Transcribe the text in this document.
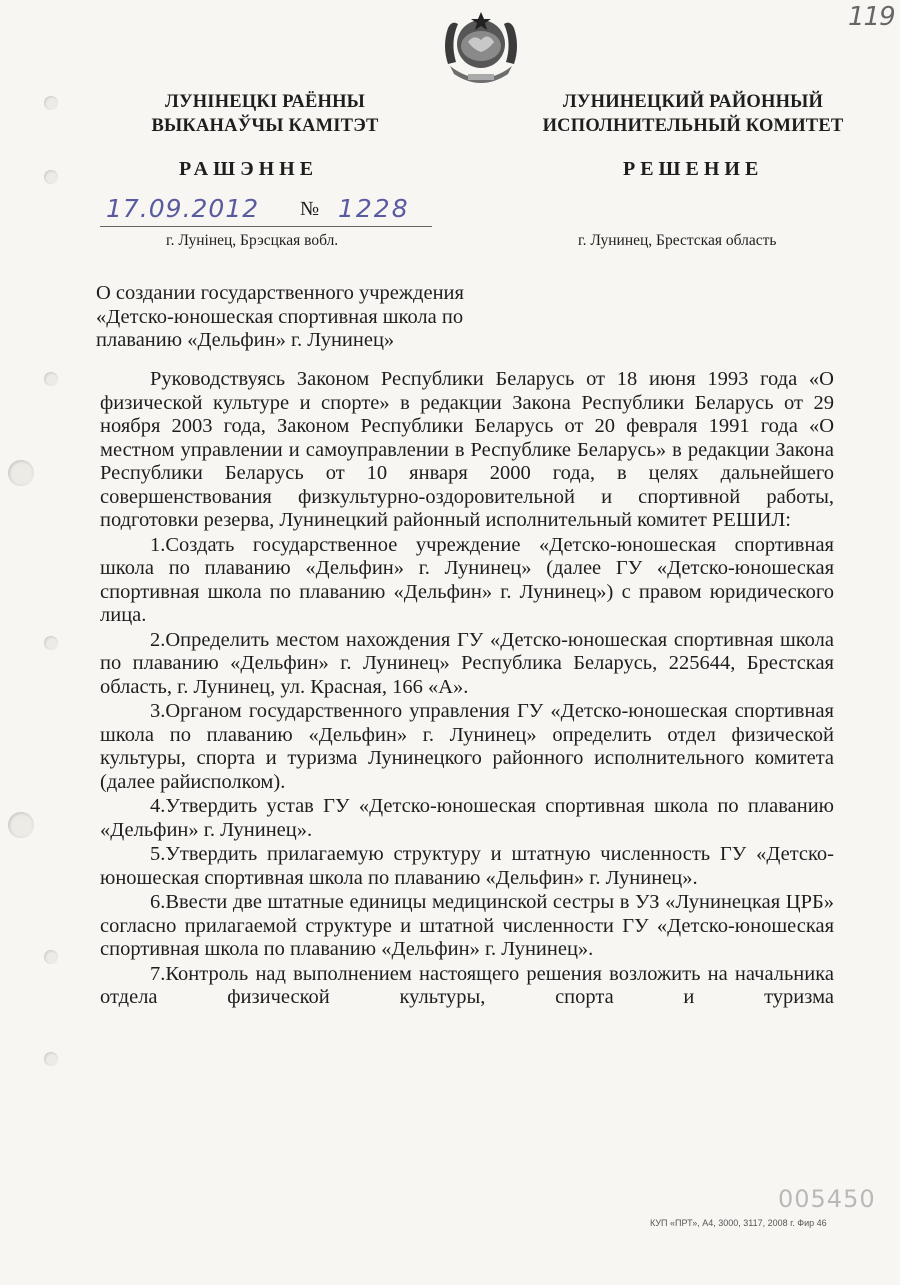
119
ЛУНІНЕЦКІ РАЁННЫ
ВЫКАНАЎЧЫ КАМІТЭТ
ЛУНИНЕЦКИЙ РАЙОННЫЙ
ИСПОЛНИТЕЛЬНЫЙ КОМИТЕТ
РАШЭННЕ	РЕШЕНИЕ
17.09.2012 № 1228
г. Лунінец, Брэсцкая вобл.	г. Лунинец, Брестская область
О создании государственного учреждения
«Детско-юношеская спортивная школа по
плаванию «Дельфин» г. Лунинец»

Руководствуясь Законом Республики Беларусь от 18 июня 1993 года «О физической культуре и спорте» в редакции Закона Республики Беларусь от 29 ноября 2003 года, Законом Республики Беларусь от 20 февраля 1991 года «О местном управлении и самоуправлении в Республике Беларусь» в редакции Закона Республики Беларусь от 10 января 2000 года, в целях дальнейшего совершенствования физкультурно-оздоровительной и спортивной работы, подготовки резерва, Лунинецкий районный исполнительный комитет РЕШИЛ:

1.Создать государственное учреждение «Детско-юношеская спортивная школа по плаванию «Дельфин» г. Лунинец» (далее ГУ «Детско-юношеская спортивная школа по плаванию «Дельфин» г. Лунинец») с правом юридического лица.

2.Определить местом нахождения ГУ «Детско-юношеская спортивная школа по плаванию «Дельфин» г. Лунинец» Республика Беларусь, 225644, Брестская область, г. Лунинец, ул. Красная, 166 «А».

3.Органом государственного управления ГУ «Детско-юношеская спортивная школа по плаванию «Дельфин» г. Лунинец» определить отдел физической культуры, спорта и туризма Лунинецкого районного исполнительного комитета (далее райисполком).

4.Утвердить устав ГУ «Детско-юношеская спортивная школа по плаванию «Дельфин» г. Лунинец».

5.Утвердить прилагаемую структуру и штатную численность ГУ «Детско-юношеская спортивная школа по плаванию «Дельфин» г. Лунинец».

6.Ввести две штатные единицы медицинской сестры в УЗ «Лунинецкая ЦРБ» согласно прилагаемой структуре и штатной численности ГУ «Детско-юношеская спортивная школа по плаванию «Дельфин» г. Лунинец».

7.Контроль над выполнением настоящего решения возложить на начальника отдела физической культуры, спорта и туризма

005450
КУП «ПРТ», А4, 3000, 3117, 2008 г. Фир 46
